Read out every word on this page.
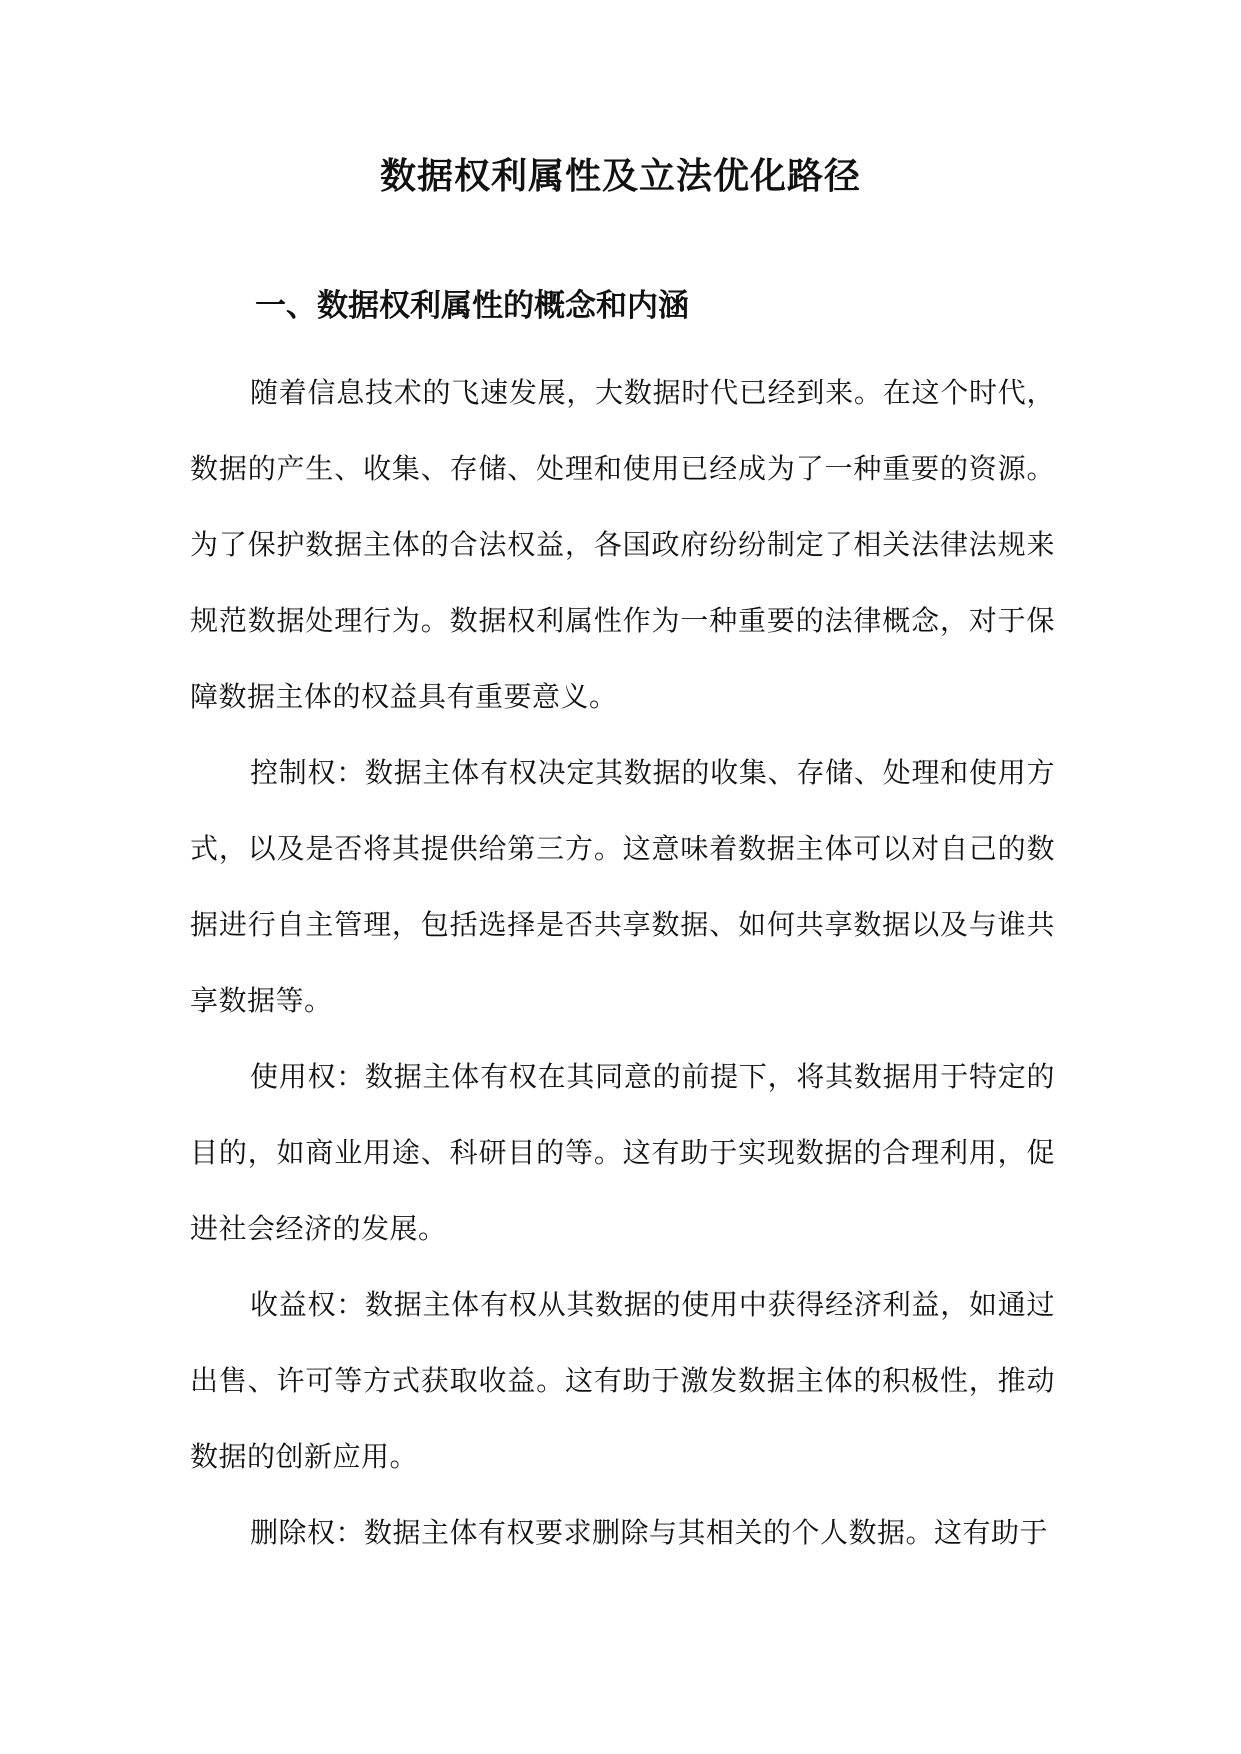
数据权利属性及立法优化路径
一、数据权利属性的概念和内涵

随着信息技术的飞速发展，大数据时代已经到来。在这个时代，数据的产生、收集、存储、处理和使用已经成为了一种重要的资源。为了保护数据主体的合法权益，各国政府纷纷制定了相关法律法规来规范数据处理行为。数据权利属性作为一种重要的法律概念，对于保障数据主体的权益具有重要意义。

控制权：数据主体有权决定其数据的收集、存储、处理和使用方式，以及是否将其提供给第三方。这意味着数据主体可以对自己的数据进行自主管理，包括选择是否共享数据、如何共享数据以及与谁共享数据等。

使用权：数据主体有权在其同意的前提下，将其数据用于特定的目的，如商业用途、科研目的等。这有助于实现数据的合理利用，促进社会经济的发展。

收益权：数据主体有权从其数据的使用中获得经济利益，如通过出售、许可等方式获取收益。这有助于激发数据主体的积极性，推动数据的创新应用。

删除权：数据主体有权要求删除与其相关的个人数据。这有助于
